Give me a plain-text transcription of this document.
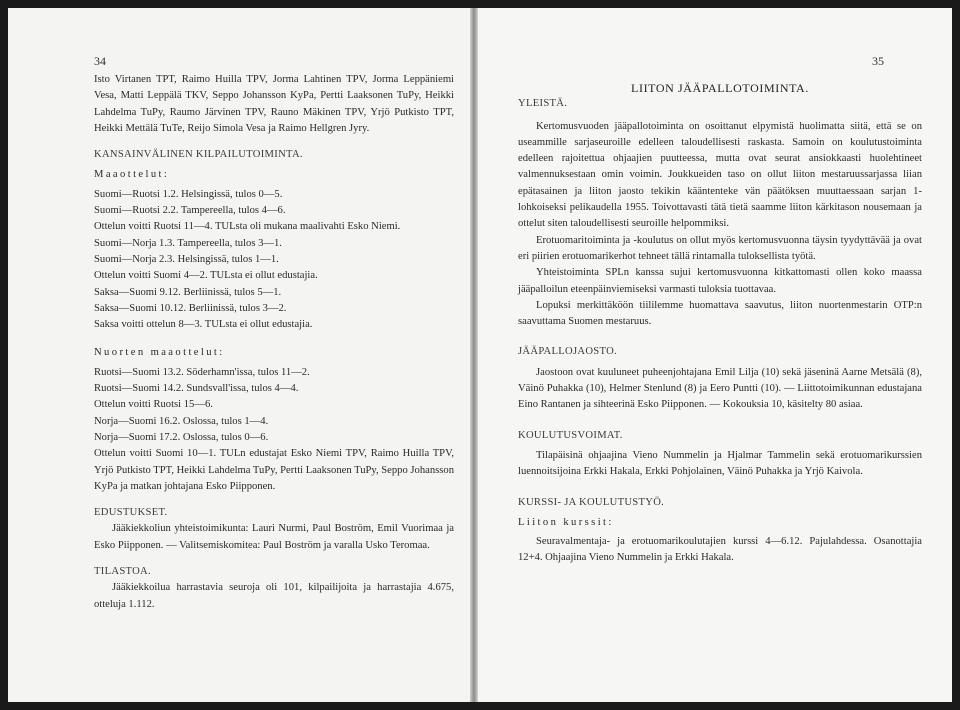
34

Isto Virtanen TPT, Raimo Huilla TPV, Jorma Lahtinen TPV, Jorma Leppäniemi Vesa, Matti Leppälä TKV, Seppo Johansson KyPa, Pertti Laaksonen TuPy, Heikki Lahdelma TuPy, Raumo Järvinen TPV, Rauno Mäkinen TPV, Yrjö Putkisto TPT, Heikki Mettälä TuTe, Reijo Simola Vesa ja Raimo Hellgren Jyry.

KANSAINVÄLINEN KILPAILUTOIMINTA.

Maaottelut:

Suomi—Ruotsi 1.2. Helsingissä, tulos 0—5.

Suomi—Ruotsi 2.2. Tampereella, tulos 4—6.

Ottelun voitti Ruotsi 11—4. TULsta oli mukana maalivahti Esko Niemi.

Suomi—Norja 1.3. Tampereella, tulos 3—1.

Suomi—Norja 2.3. Helsingissä, tulos 1—1.

Ottelun voitti Suomi 4—2. TULsta ei ollut edustajia.

Saksa—Suomi 9.12. Berliinissä, tulos 5—1.

Saksa—Suomi 10.12. Berliinissä, tulos 3—2.

Saksa voitti ottelun 8—3. TULsta ei ollut edustajia.

Nuorten maaottelut:

Ruotsi—Suomi 13.2. Söderhamn'issa, tulos 11—2.

Ruotsi—Suomi 14.2. Sundsvall'issa, tulos 4—4.

Ottelun voitti Ruotsi 15—6.

Norja—Suomi 16.2. Oslossa, tulos 1—4.

Norja—Suomi 17.2. Oslossa, tulos 0—6.

Ottelun voitti Suomi 10—1. TULn edustajat Esko Niemi TPV, Raimo Huilla TPV, Yrjö Putkisto TPT, Heikki Lahdelma TuPy, Pertti Laaksonen TuPy, Seppo Johansson KyPa ja matkan johtajana Esko Piipponen.

EDUSTUKSET.

Jääkiekkoliun yhteistoimikunta: Lauri Nurmi, Paul Boström, Emil Vuorimaa ja Esko Piipponen. — Valitsemiskomitea: Paul Boström ja varalla Usko Teromaa.

TILASTOA.

Jääkiekkoilua harrastavia seuroja oli 101, kilpailijoita ja harrastajia 4.675, otteluja 1.112.

35

LIITON JÄÄPALLOTOIMINTA.

YLEISTÄ.

Kertomusvuoden jääpallotoiminta on osoittanut elpymistä huolimatta siitä, että se on useammille sarjaseuroille edelleen taloudellisesti raskasta. Samoin on koulutustoiminta edelleen rajoitettua ohjaajien puutteessa, mutta ovat seurat ansiokkaasti huolehtineet valmennuksestaan omin voimin. Joukkueiden taso on ollut liiton mestaruussarjassa liian epätasainen ja liiton jaosto tekikin kääntenteke vän päätöksen muuttaessaan sarjan 1-lohkoiseksi pelikaudella 1955. Toivottavasti tätä tietä saamme liiton kärkitason nousemaan ja ottelut siten taloudellisesti seuroille helpommiksi.

Erotuomaritoiminta ja -koulutus on ollut myös kertomusvuonna täysin tyydyttävää ja ovat eri piirien erotuomarikerhot tehneet tällä rintamalla tuloksellista työtä.

Yhteistoiminta SPLn kanssa sujui kertomusvuonna kitkattomasti ollen koko maassa jääpalloilun eteenpäinviemiseksi varmasti tuloksia tuottavaa.

Lopuksi merkittäköön tiililemme huomattava saavutus, liiton nuortenmestarin OTP:n saavuttama Suomen mestaruus.

JÄÄPALLOJAOSTO.

Jaostoon ovat kuuluneet puheenjohtajana Emil Lilja (10) sekä jäseninä Aarne Metsälä (8), Väinö Puhakka (10), Helmer Stenlund (8) ja Eero Puntti (10). — Liittotoimikunnan edustajana Eino Rantanen ja sihteerinä Esko Piipponen. — Kokouksia 10, käsitelty 80 asiaa.

KOULUTUSVOIMAT.

Tilapäisinä ohjaajina Vieno Nummelin ja Hjalmar Tammelin sekä erotuomarikurssien luennoitsijoina Erkki Hakala, Erkki Pohjolainen, Väinö Puhakka ja Yrjö Kaivola.

KURSSI- JA KOULUTUSTYÖ.

Liiton kurssit:

Seuravalmentaja- ja erotuomarikoulutajien kurssi 4—6.12. Pajulahdessa. Osanottajia 12+4. Ohjaajina Vieno Nummelin ja Erkki Hakala.
